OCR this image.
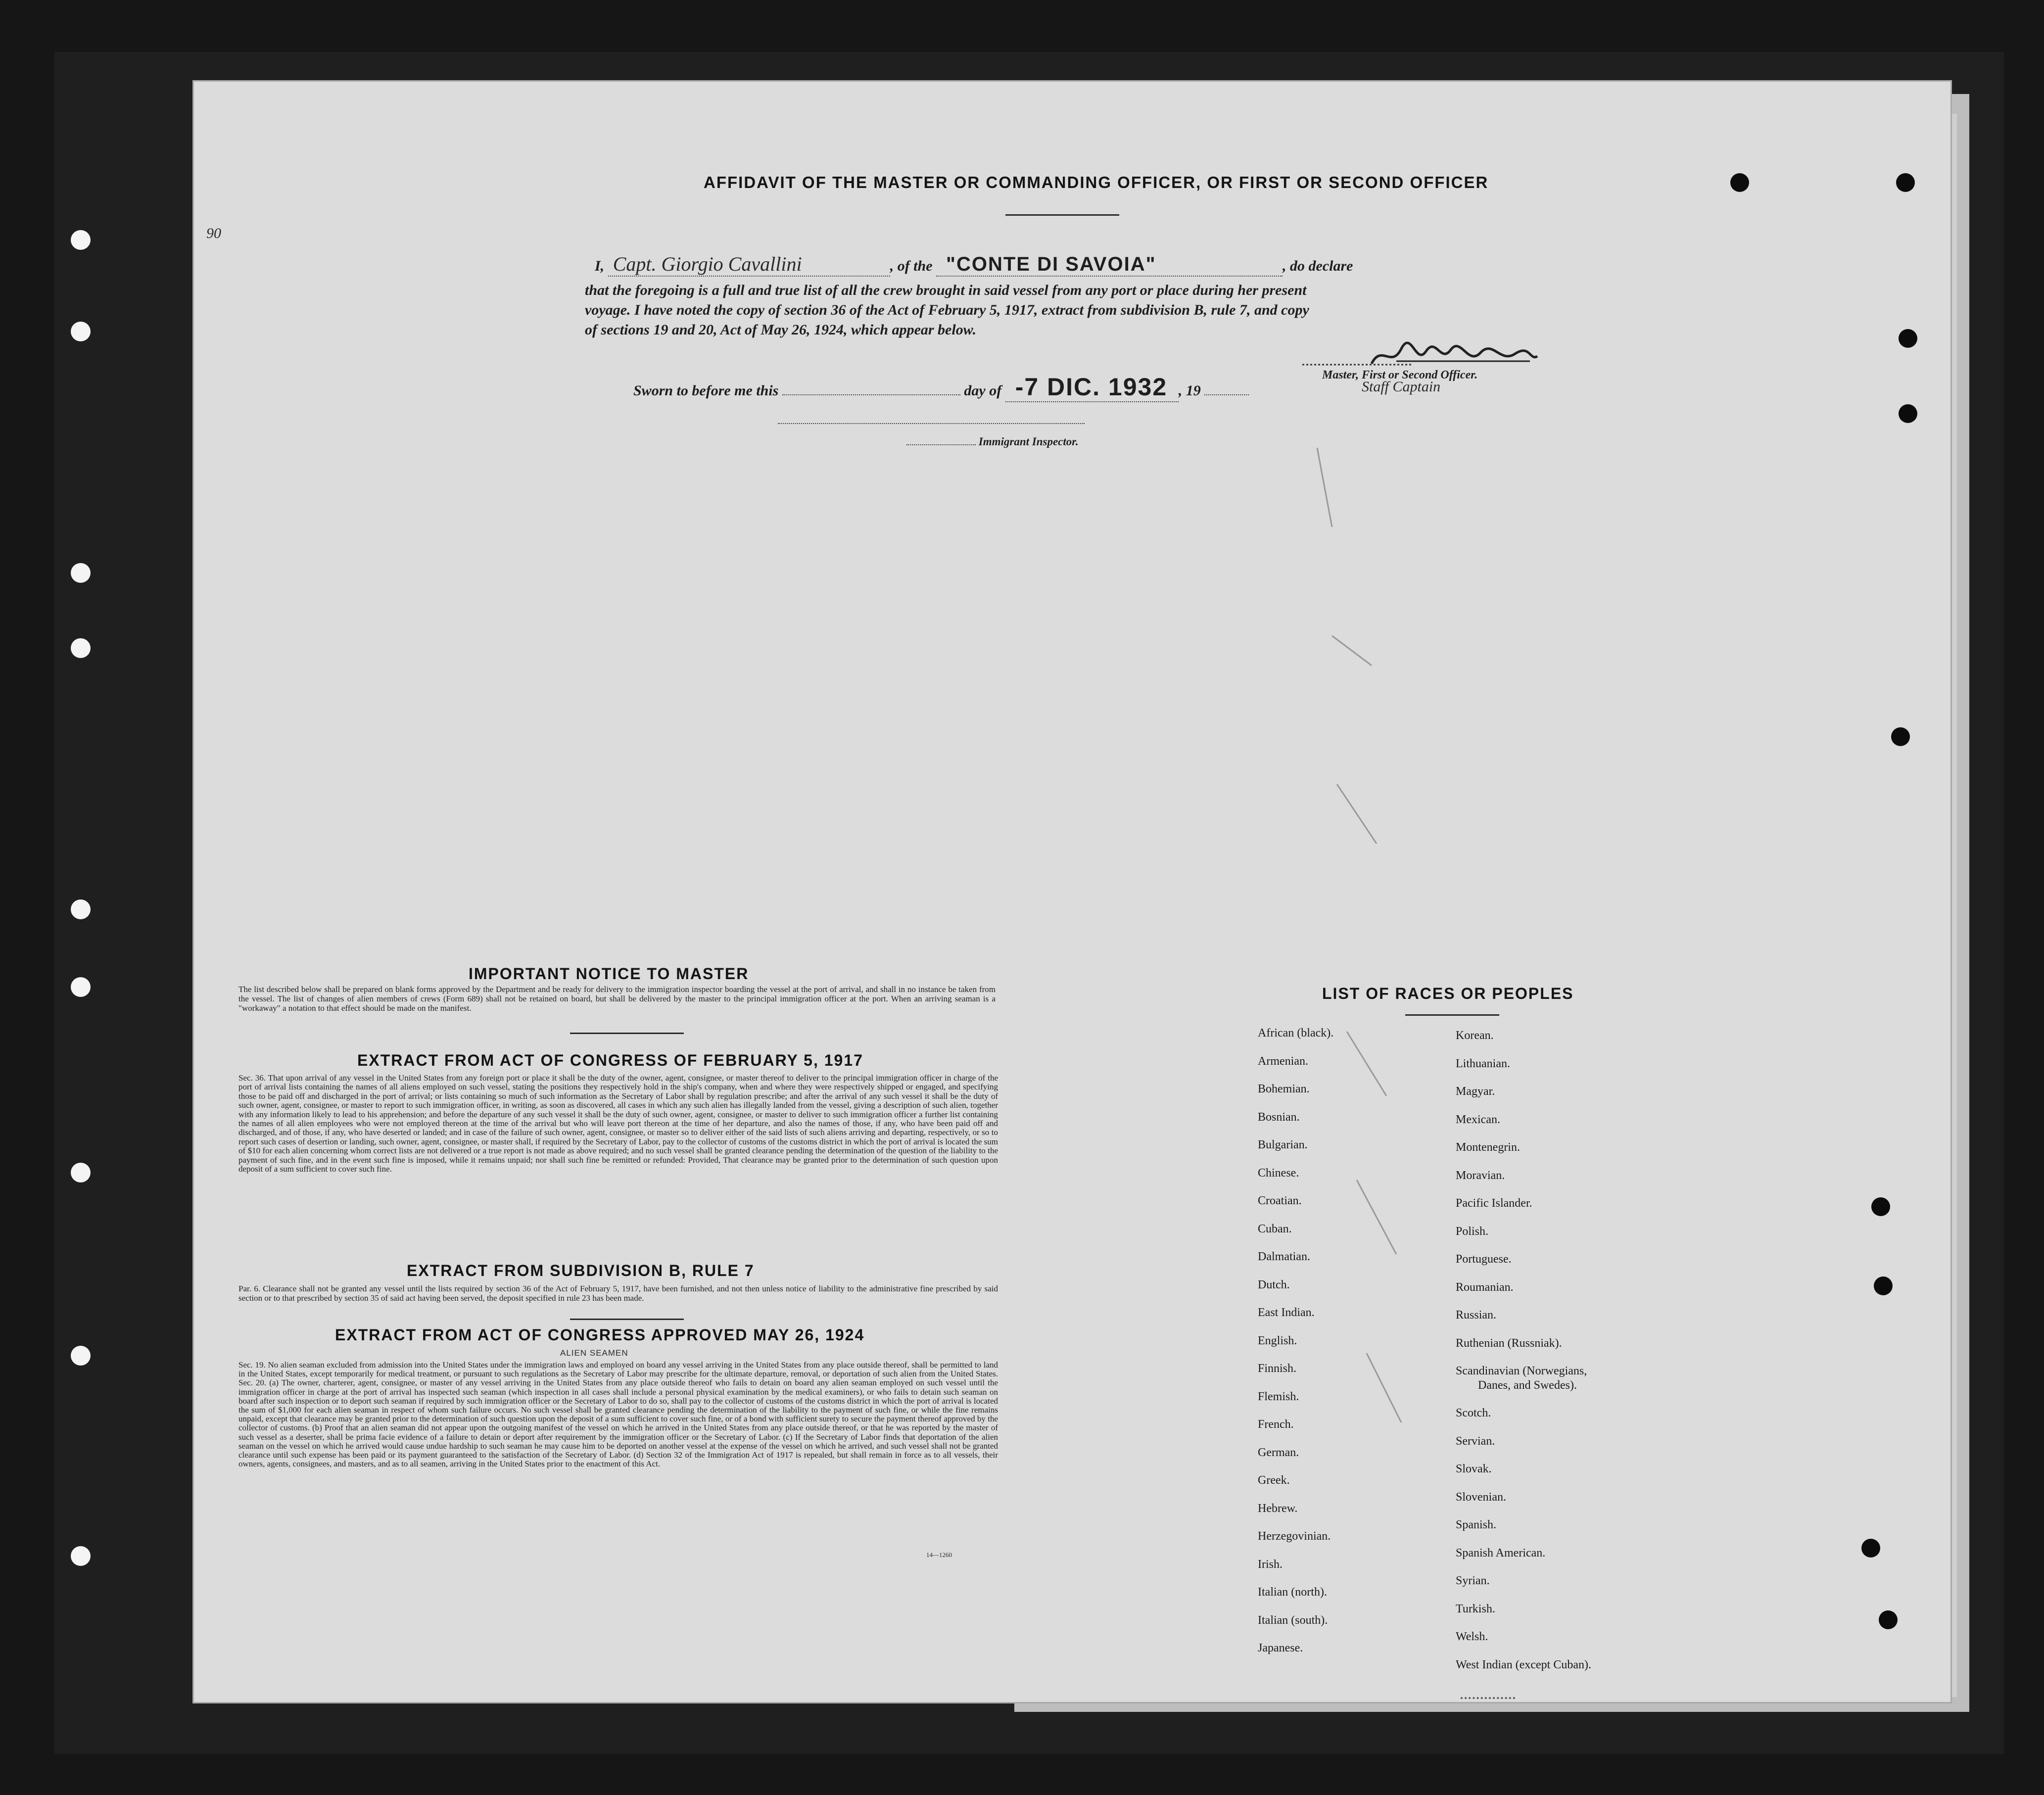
90
AFFIDAVIT OF THE MASTER OR COMMANDING OFFICER, OR FIRST OR SECOND OFFICER
I, Capt. Giorgio Cavallini	, of the "CONTE DI SAVOIA"	, do declare
that the foregoing is a full and true list of all the crew brought in said vessel from any port or place during her present
voyage. I have noted the copy of section 36 of the Act of February 5, 1917, extract from subdivision B, rule 7, and copy
of sections 19 and 20, Act of May 26, 1924, which appear below.
Master, First or Second Officer.
Staff Captain
Sworn to before me this	day of -7 DIC. 1932 , 19
Immigrant Inspector.
IMPORTANT NOTICE TO MASTER
The list described below shall be prepared on blank forms approved by the Department and be ready for delivery to the immigration inspector boarding the vessel at the port of arrival, and shall in no instance be taken from the vessel. The list of changes of alien members of crews (Form 689) shall not be retained on board, but shall be delivered by the master to the principal immigration officer at the port. When an arriving seaman is a "workaway" a notation to that effect should be made on the manifest.
EXTRACT FROM ACT OF CONGRESS OF FEBRUARY 5, 1917
Sec. 36. That upon arrival of any vessel in the United States from any foreign port or place it shall be the duty of the owner, agent, consignee, or master thereof to deliver to the principal immigration officer in charge of the port of arrival lists containing the names of all aliens employed on such vessel, stating the positions they respectively hold in the ship's company, when and where they were respectively shipped or engaged, and specifying those to be paid off and discharged in the port of arrival; or lists containing so much of such information as the Secretary of Labor shall by regulation prescribe; and after the arrival of any such vessel it shall be the duty of such owner, agent, consignee, or master to report to such immigration officer, in writing, as soon as discovered, all cases in which any such alien has illegally landed from the vessel, giving a description of such alien, together with any information likely to lead to his apprehension; and before the departure of any such vessel it shall be the duty of such owner, agent, consignee, or master to deliver to such immigration officer a further list containing the names of all alien employees who were not employed thereon at the time of the arrival but who will leave port thereon at the time of her departure, and also the names of those, if any, who have been paid off and discharged, and of those, if any, who have deserted or landed; and in case of the failure of such owner, agent, consignee, or master so to deliver either of the said lists of such aliens arriving and departing, respectively, or so to report such cases of desertion or landing, such owner, agent, consignee, or master shall, if required by the Secretary of Labor, pay to the collector of customs of the customs district in which the port of arrival is located the sum of $10 for each alien concerning whom correct lists are not delivered or a true report is not made as above required; and no such vessel shall be granted clearance pending the determination of the question of the liability to the payment of such fine, and in the event such fine is imposed, while it remains unpaid; nor shall such fine be remitted or refunded: Provided, That clearance may be granted prior to the determination of such question upon deposit of a sum sufficient to cover such fine.
EXTRACT FROM SUBDIVISION B, RULE 7
Par. 6. Clearance shall not be granted any vessel until the lists required by section 36 of the Act of February 5, 1917, have been furnished, and not then unless notice of liability to the administrative fine prescribed by said section or to that prescribed by section 35 of said act having been served, the deposit specified in rule 23 has been made.
EXTRACT FROM ACT OF CONGRESS APPROVED MAY 26, 1924
ALIEN SEAMEN
Sec. 19. No alien seaman excluded from admission into the United States under the immigration laws and employed on board any vessel arriving in the United States from any place outside thereof, shall be permitted to land in the United States, except temporarily for medical treatment, or pursuant to such regulations as the Secretary of Labor may prescribe for the ultimate departure, removal, or deportation of such alien from the United States. Sec. 20. (a) The owner, charterer, agent, consignee, or master of any vessel arriving in the United States from any place outside thereof who fails to detain on board any alien seaman employed on such vessel until the immigration officer in charge at the port of arrival has inspected such seaman (which inspection in all cases shall include a personal physical examination by the medical examiners), or who fails to detain such seaman on board after such inspection or to deport such seaman if required by such immigration officer or the Secretary of Labor to do so, shall pay to the collector of customs of the customs district in which the port of arrival is located the sum of $1,000 for each alien seaman in respect of whom such failure occurs. No such vessel shall be granted clearance pending the determination of the liability to the payment of such fine, or while the fine remains unpaid, except that clearance may be granted prior to the determination of such question upon the deposit of a sum sufficient to cover such fine, or of a bond with sufficient surety to secure the payment thereof approved by the collector of customs. (b) Proof that an alien seaman did not appear upon the outgoing manifest of the vessel on which he arrived in the United States from any place outside thereof, or that he was reported by the master of such vessel as a deserter, shall be prima facie evidence of a failure to detain or deport after requirement by the immigration officer or the Secretary of Labor. (c) If the Secretary of Labor finds that deportation of the alien seaman on the vessel on which he arrived would cause undue hardship to such seaman he may cause him to be deported on another vessel at the expense of the vessel on which he arrived, and such vessel shall not be granted clearance until such expense has been paid or its payment guaranteed to the satisfaction of the Secretary of Labor. (d) Section 32 of the Immigration Act of 1917 is repealed, but shall remain in force as to all vessels, their owners, agents, consignees, and masters, and as to all seamen, arriving in the United States prior to the enactment of this Act.
14—1260
LIST OF RACES OR PEOPLES
African (black).
Armenian.
Bohemian.
Bosnian.
Bulgarian.
Chinese.
Croatian.
Cuban.
Dalmatian.
Dutch.
East Indian.
English.
Finnish.
Flemish.
French.
German.
Greek.
Hebrew.
Herzegovinian.
Irish.
Italian (north).
Italian (south).
Japanese.
Korean.
Lithuanian.
Magyar.
Mexican.
Montenegrin.
Moravian.
Pacific Islander.
Polish.
Portuguese.
Roumanian.
Russian.
Ruthenian (Russniak).
Scandinavian (Norwegians,
Danes, and Swedes).
Scotch.
Servian.
Slovak.
Slovenian.
Spanish.
Spanish American.
Syrian.
Turkish.
Welsh.
West Indian (except Cuban).
